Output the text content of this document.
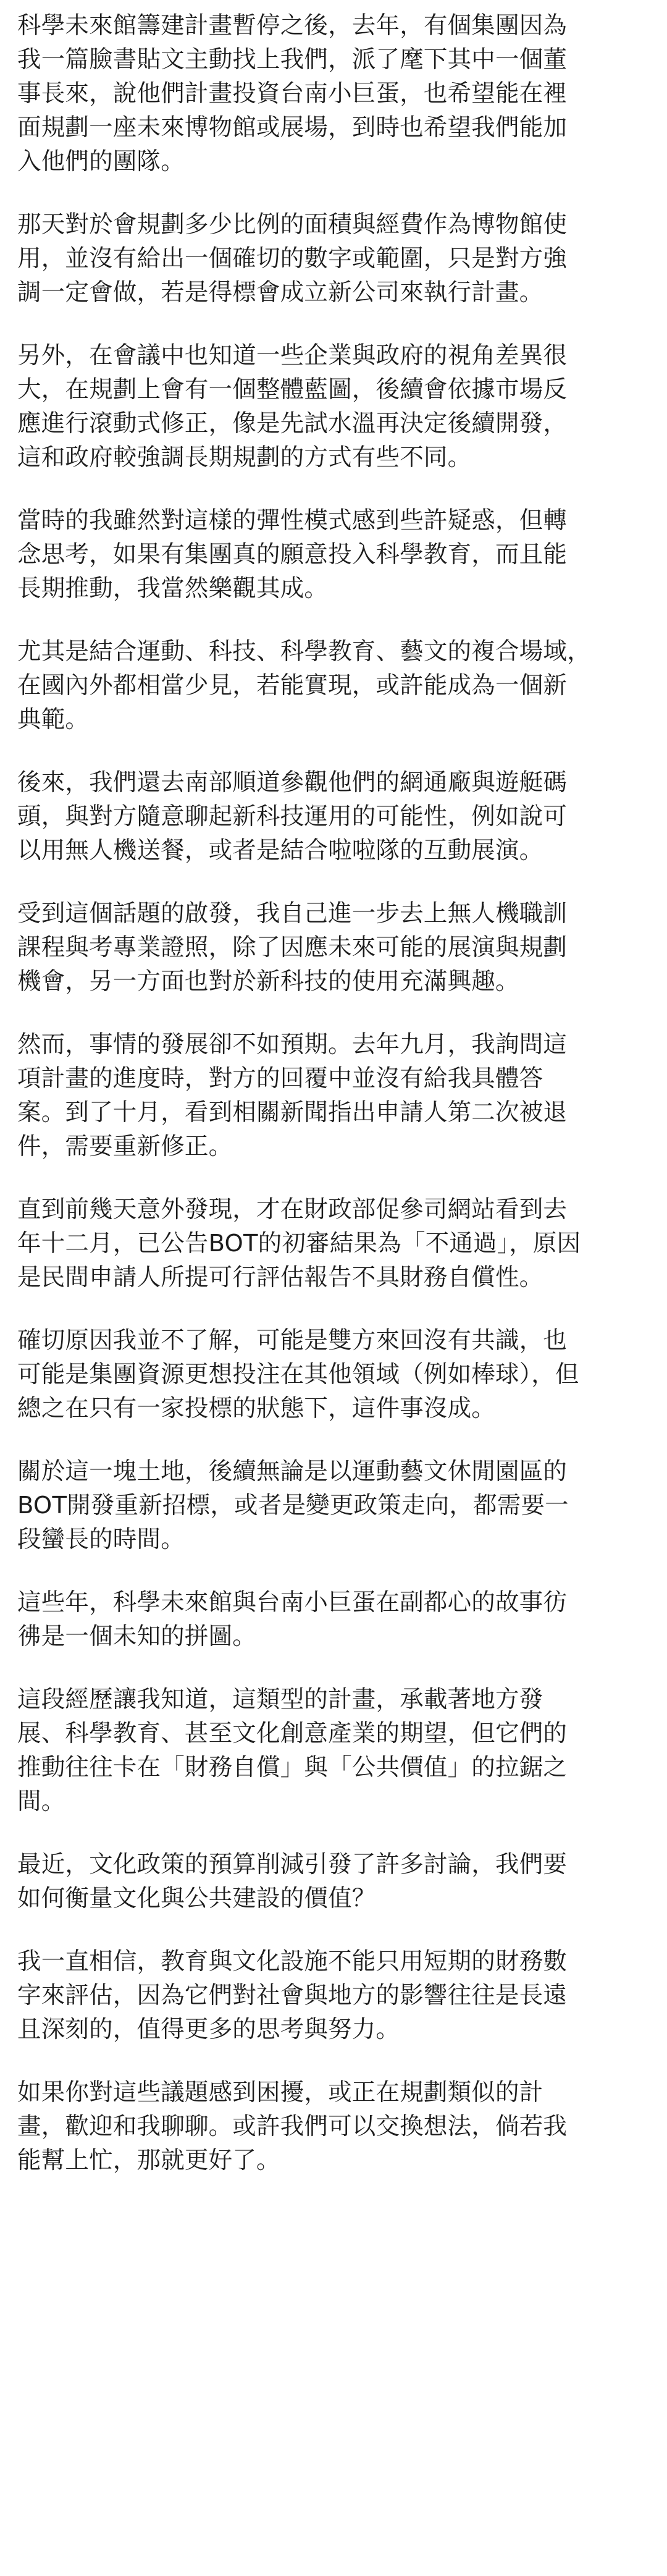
科學未來館籌建計畫暫停之後，去年，有個集團因為
我一篇臉書貼文主動找上我們，派了麾下其中一個董
事長來，說他們計畫投資台南小巨蛋，也希望能在裡
面規劃一座未來博物館或展場，到時也希望我們能加
入他們的團隊。

那天對於會規劃多少比例的面積與經費作為博物館使
用，並沒有給出一個確切的數字或範圍，只是對方強
調一定會做，若是得標會成立新公司來執行計畫。

另外，在會議中也知道一些企業與政府的視角差異很
大，在規劃上會有一個整體藍圖，後續會依據市場反
應進行滾動式修正，像是先試水溫再決定後續開發，
這和政府較強調長期規劃的方式有些不同。

當時的我雖然對這樣的彈性模式感到些許疑惑，但轉
念思考，如果有集團真的願意投入科學教育，而且能
長期推動，我當然樂觀其成。

尤其是結合運動、科技、科學教育、藝文的複合場域，
在國內外都相當少見，若能實現，或許能成為一個新
典範。

後來，我們還去南部順道參觀他們的網通廠與遊艇碼
頭，與對方隨意聊起新科技運用的可能性，例如說可
以用無人機送餐，或者是結合啦啦隊的互動展演。

受到這個話題的啟發，我自己進一步去上無人機職訓
課程與考專業證照，除了因應未來可能的展演與規劃
機會，另一方面也對於新科技的使用充滿興趣。

然而，事情的發展卻不如預期。去年九月，我詢問這
項計畫的進度時，對方的回覆中並沒有給我具體答
案。到了十月，看到相關新聞指出申請人第二次被退
件，需要重新修正。

直到前幾天意外發現，才在財政部促參司網站看到去
年十二月，已公告BOT的初審結果為「不通過」，原因
是民間申請人所提可行評估報告不具財務自償性。

確切原因我並不了解，可能是雙方來回沒有共識，也
可能是集團資源更想投注在其他領域（例如棒球），但
總之在只有一家投標的狀態下，這件事沒成。

關於這一塊土地，後續無論是以運動藝文休閒園區的
BOT開發重新招標，或者是變更政策走向，都需要一
段蠻長的時間。

這些年，科學未來館與台南小巨蛋在副都心的故事彷
彿是一個未知的拼圖。

這段經歷讓我知道，這類型的計畫，承載著地方發
展、科學教育、甚至文化創意產業的期望，但它們的
推動往往卡在「財務自償」與「公共價值」的拉鋸之
間。

最近，文化政策的預算削減引發了許多討論，我們要
如何衡量文化與公共建設的價值？

我一直相信，教育與文化設施不能只用短期的財務數
字來評估，因為它們對社會與地方的影響往往是長遠
且深刻的，值得更多的思考與努力。

如果你對這些議題感到困擾，或正在規劃類似的計
畫，歡迎和我聊聊。或許我們可以交換想法，倘若我
能幫上忙，那就更好了。
